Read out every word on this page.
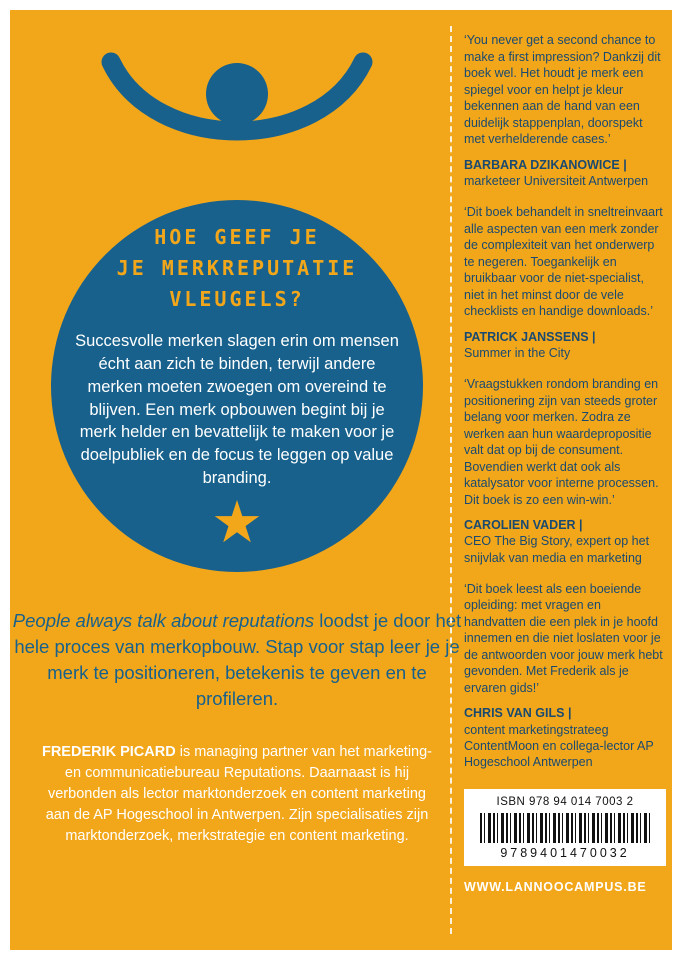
HOE GEEF JE
JE MERKREPUTATIE
VLEUGELS?
Succesvolle merken slagen erin om mensen écht aan zich te binden, terwijl andere merken moeten zwoegen om overeind te blijven. Een merk opbouwen begint bij je merk helder en bevattelijk te maken voor je doelpubliek en de focus te leggen op value branding.
★
People always talk about reputations loodst je door het hele proces van merkopbouw. Stap voor stap leer je je merk te positioneren, betekenis te geven en te profileren.
FREDERIK PICARD is managing partner van het marketing- en communicatiebureau Reputations. Daarnaast is hij verbonden als lector marktonderzoek en content marketing aan de AP Hogeschool in Antwerpen. Zijn specialisaties zijn marktonderzoek, merkstrategie en content marketing.
‘You never get a second chance to make a first impression? Dankzij dit boek wel. Het houdt je merk een spiegel voor en helpt je kleur bekennen aan de hand van een duidelijk stappenplan, doorspekt met verhelderende cases.’
BARBARA DZIKANOWICE |
marketeer Universiteit Antwerpen
‘Dit boek behandelt in sneltreinvaart alle aspecten van een merk zonder de complexiteit van het onderwerp te negeren. Toegankelijk en bruikbaar voor de niet-specialist, niet in het minst door de vele checklists en handige downloads.’
PATRICK JANSSENS |
Summer in the City
‘Vraagstukken rondom branding en positionering zijn van steeds groter belang voor merken. Zodra ze werken aan hun waardepropositie valt dat op bij de consument. Bovendien werkt dat ook als katalysator voor interne processen. Dit boek is zo een win-win.’
CAROLIEN VADER |
CEO The Big Story, expert op het snijvlak van media en marketing
‘Dit boek leest als een boeiende opleiding: met vragen en handvatten die een plek in je hoofd innemen en die niet loslaten voor je de antwoorden voor jouw merk hebt gevonden. Met Frederik als je ervaren gids!’
CHRIS VAN GILS |
content marketingstrateeg ContentMoon en collega-lector AP Hogeschool Antwerpen
ISBN 978 94 014 7003 2
9789401470032
WWW.LANNOOCAMPUS.BE
